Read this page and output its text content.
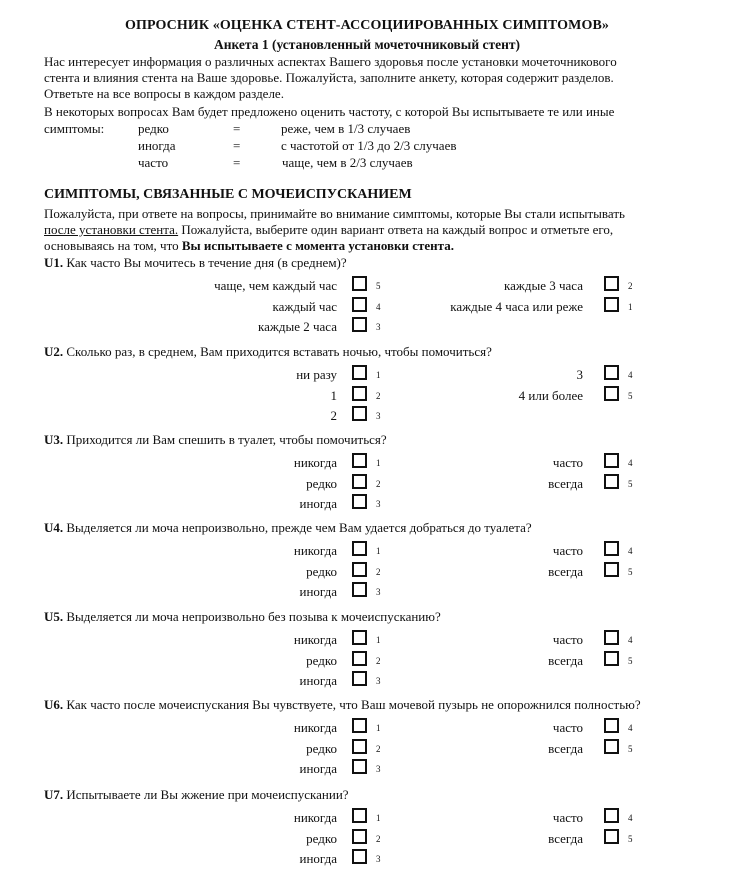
ОПРОСНИК «ОЦЕНКА СТЕНТ-АССОЦИИРОВАННЫХ СИМПТОМОВ»
Анкета 1 (установленный мочеточниковый стент)
Нас интересует информация о различных аспектах Вашего здоровья после установки мочеточникового
стента и влияния стента на Ваше здоровье. Пожалуйста, заполните анкету, которая содержит разделов.
Ответьте на все вопросы в каждом разделе.
В некоторых вопросах Вам будет предложено оценить частоту, с которой Вы испытываете те или иные
симптомы:	редко	=	реже, чем в 1/3 случаев
иногда	=	с частотой от 1/3 до 2/3 случаев
часто	=	чаще, чем в 2/3 случаев
СИМПТОМЫ, СВЯЗАННЫЕ С МОЧЕИСПУСКАНИЕМ
Пожалуйста, при ответе на вопросы, принимайте во внимание симптомы, которые Вы стали испытывать
после установки стента. Пожалуйста, выберите один вариант ответа на каждый вопрос и отметьте его,
основываясь на том, что Вы испытываете с момента установки стента.
U1. Как часто Вы мочитесь в течение дня (в среднем)?
чаще, чем каждый час	5
каждый час	4
каждые 2 часа	3
каждые 3 часа	2
каждые 4 часа или реже	1
U2. Сколько раз, в среднем, Вам приходится вставать ночью, чтобы помочиться?
ни разу	1
1	2
2	3
3	4
4 или более	5
U3. Приходится ли Вам спешить в туалет, чтобы помочиться?
никогда	1
редко	2
иногда	3
часто	4
всегда	5
U4. Выделяется ли моча непроизвольно, прежде чем Вам удается добраться до туалета?
никогда	1
редко	2
иногда	3
часто	4
всегда	5
U5. Выделяется ли моча непроизвольно без позыва к мочеиспусканию?
никогда	1
редко	2
иногда	3
часто	4
всегда	5
U6. Как часто после мочеиспускания Вы чувствуете, что Ваш мочевой пузырь не опорожнился полностью?
никогда	1
редко	2
иногда	3
часто	4
всегда	5
U7. Испытываете ли Вы жжение при мочеиспускании?
никогда	1
редко	2
иногда	3
часто	4
всегда	5
